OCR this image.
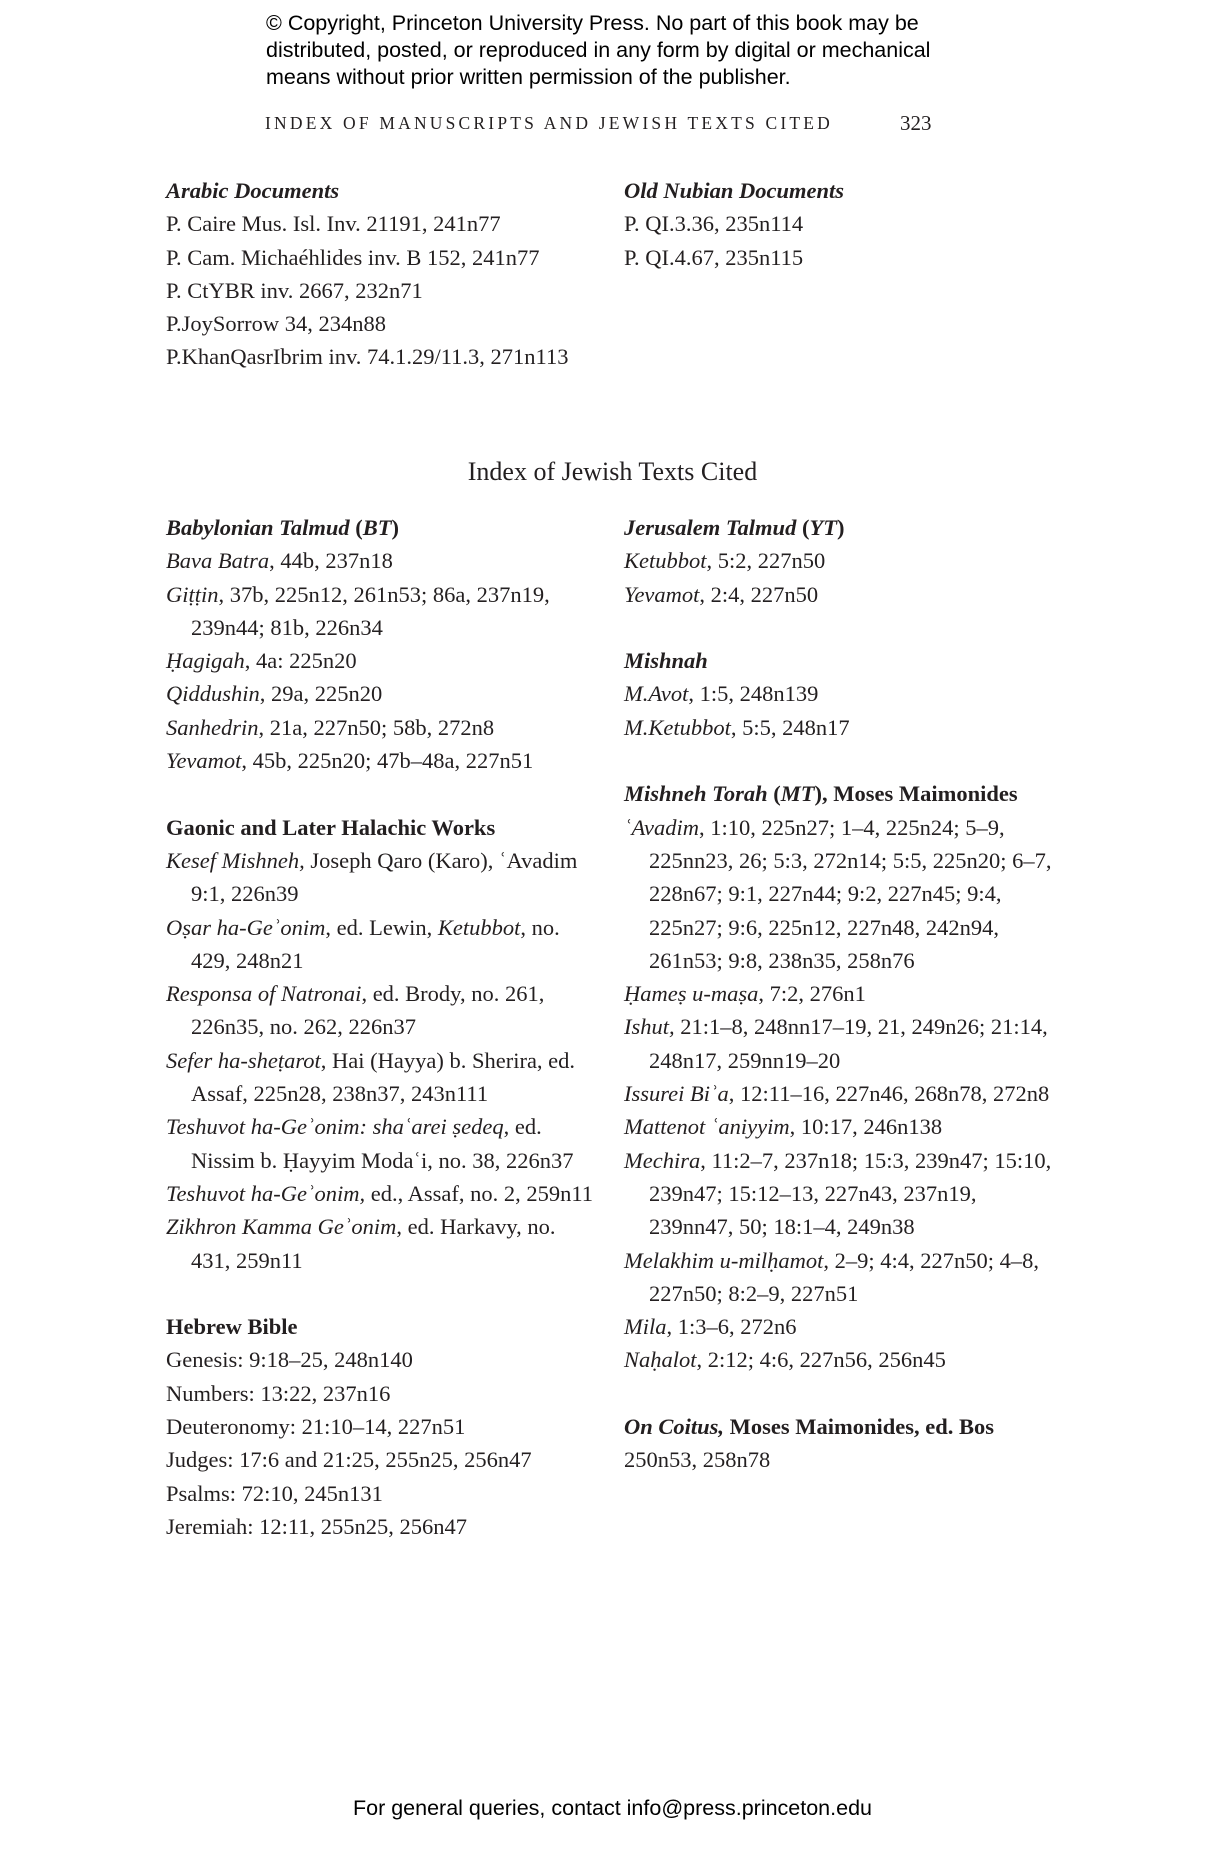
© Copyright, Princeton University Press. No part of this book may be
distributed, posted, or reproduced in any form by digital or mechanical
means without prior written permission of the publisher.
INDEX OF MANUSCRIPTS AND JEWISH TEXTS CITED	323
Arabic Documents
P. Caire Mus. Isl. Inv. 21191, 241n77
P. Cam. Michaéhlides inv. B 152, 241n77
P. CtYBR inv. 2667, 232n71
P.JoySorrow 34, 234n88
P.KhanQasrIbrim inv. 74.1.29/11.3, 271n113
Old Nubian Documents
P. QI.3.36, 235n114
P. QI.4.67, 235n115
Index of Jewish Texts Cited
Babylonian Talmud (BT)
Bava Batra, 44b, 237n18
Giṭṭin, 37b, 225n12, 261n53; 86a, 237n19, 239n44; 81b, 226n34
Ḥagigah, 4a: 225n20
Qiddushin, 29a, 225n20
Sanhedrin, 21a, 227n50; 58b, 272n8
Yevamot, 45b, 225n20; 47b–48a, 227n51
Gaonic and Later Halachic Works
Kesef Mishneh, Joseph Qaro (Karo), ʿAvadim 9:1, 226n39
Oṣar ha-Geʾonim, ed. Lewin, Ketubbot, no. 429, 248n21
Responsa of Natronai, ed. Brody, no. 261, 226n35, no. 262, 226n37
Sefer ha-sheṭarot, Hai (Hayya) b. Sherira, ed. Assaf, 225n28, 238n37, 243n111
Teshuvot ha-Geʾonim: shaʿarei ṣedeq, ed. Nissim b. Ḥayyim Modaʿi, no. 38, 226n37
Teshuvot ha-Geʾonim, ed., Assaf, no. 2, 259n11
Zikhron Kamma Geʾonim, ed. Harkavy, no. 431, 259n11
Hebrew Bible
Genesis: 9:18–25, 248n140
Numbers: 13:22, 237n16
Deuteronomy: 21:10–14, 227n51
Judges: 17:6 and 21:25, 255n25, 256n47
Psalms: 72:10, 245n131
Jeremiah: 12:11, 255n25, 256n47
Jerusalem Talmud (YT)
Ketubbot, 5:2, 227n50
Yevamot, 2:4, 227n50
Mishnah
M.Avot, 1:5, 248n139
M.Ketubbot, 5:5, 248n17
Mishneh Torah (MT), Moses Maimonides
ʿAvadim, 1:10, 225n27; 1–4, 225n24; 5–9, 225nn23, 26; 5:3, 272n14; 5:5, 225n20; 6–7, 228n67; 9:1, 227n44; 9:2, 227n45; 9:4, 225n27; 9:6, 225n12, 227n48, 242n94, 261n53; 9:8, 238n35, 258n76
Ḥameṣ u-maṣa, 7:2, 276n1
Ishut, 21:1–8, 248nn17–19, 21, 249n26; 21:14, 248n17, 259nn19–20
Issurei Biʾa, 12:11–16, 227n46, 268n78, 272n8
Mattenot ʿaniyyim, 10:17, 246n138
Mechira, 11:2–7, 237n18; 15:3, 239n47; 15:10, 239n47; 15:12–13, 227n43, 237n19, 239nn47, 50; 18:1–4, 249n38
Melakhim u-milḥamot, 2–9; 4:4, 227n50; 4–8, 227n50; 8:2–9, 227n51
Mila, 1:3–6, 272n6
Naḥalot, 2:12; 4:6, 227n56, 256n45
On Coitus, Moses Maimonides, ed. Bos
250n53, 258n78
For general queries, contact info@press.princeton.edu
